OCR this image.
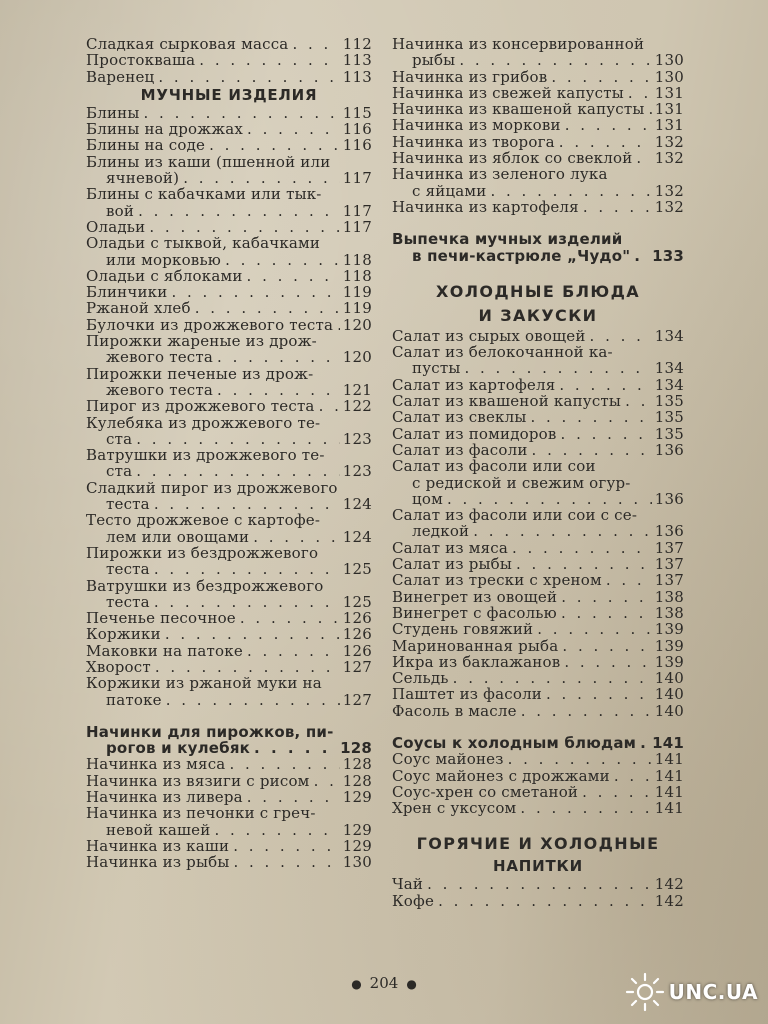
Сладкая сырковая масса . . .	112
Простокваша . . .	113
Варенец . . .	113
МУЧНЫЕ ИЗДЕЛИЯ
Блины . . .	115
Блины на дрожжах . . .	116
Блины на соде . . .	116
Блины из каши (пшенной или
ячневой) . . .	117
Блины с кабачками или тык-
вой . . .	117
Оладьи . . .	117
Оладьи с тыквой, кабачками
или морковью . . .	118
Оладьи с яблоками . . .	118
Блинчики . . .	119
Ржаной хлеб . . .	119
Булочки из дрожжевого теста . . . 120
Пирожки жареные из дрож-
жевого теста . . .	120
Пирожки печеные из дрож-
жевого теста . . .	121
Пирог из дрожжевого теста . . . 122
Кулебяка из дрожжевого те-
ста . . .	123
Ватрушки из дрожжевого те-
ста . . .	123
Сладкий пирог из дрожжевого
теста . . .	124
Тесто дрожжевое с картофе-
лем или овощами . . .	124
Пирожки из бездрожжевого
теста . . .	125
Ватрушки из бездрожжевого
теста . . .	125
Печенье песочное . . .	126
Коржики . . .	126
Маковки на патоке . . .	126
Хворост . . .	127
Коржики из ржаной муки на
патоке . . .	127
Начинки для пирожков, пи-
рогов и кулебяк . . .	128
Начинка из мяса . . .	128
Начинка из вязиги с рисом . . . 128
Начинка из ливера . . .	129
Начинка из печонки с греч-
невой кашей . . .	129
Начинка из каши . . .	129
Начинка из рыбы . . .	130
Начинка из консервированной
рыбы . . .	130
Начинка из грибов . . .	130
Начинка из свежей капусты . . . 131
Начинка из квашеной капусты . . . 131
Начинка из моркови . . .	131
Начинка из творога . . .	132
Начинка из яблок со свеклой . . . 132
Начинка из зеленого лука
с яйцами . . .	132
Начинка из картофеля . . .	132
Выпечка мучных изделий
в печи-кастрюле „Чудо" . . . 133
ХОЛОДНЫЕ БЛЮДА
И ЗАКУСКИ
Салат из сырых овощей . . .	134
Салат из белокочанной ка-
пусты . . .	134
Салат из картофеля . . .	134
Салат из квашеной капусты . . . 135
Салат из свеклы . . .	135
Салат из помидоров . . .	135
Салат из фасоли . . .	136
Салат из фасоли или сои
с редиской и свежим огур-
цом . . .	136
Салат из фасоли или сои с се-
ледкой . . .	136
Салат из мяса . . .	137
Салат из рыбы . . .	137
Салат из трески с хреном . . .	137
Винегрет из овощей . . .	138
Винегрет с фасолью . . .	138
Студень говяжий . . .	139
Маринованная рыба . . .	139
Икра из баклажанов . . .	139
Сельдь . . .	140
Паштет из фасоли . . .	140
Фасоль в масле . . .	140
Соусы к холодным блюдам . . . 141
Соус майонез . . .	141
Соус майонез с дрожжами . . .	141
Соус-хрен со сметаной . . .	141
Хрен с уксусом . . .	141
ГОРЯЧИЕ И ХОЛОДНЫЕ
НАПИТКИ
Чай . . .	142
Кофе . . .	142
● 204 ●	UNC.UA
